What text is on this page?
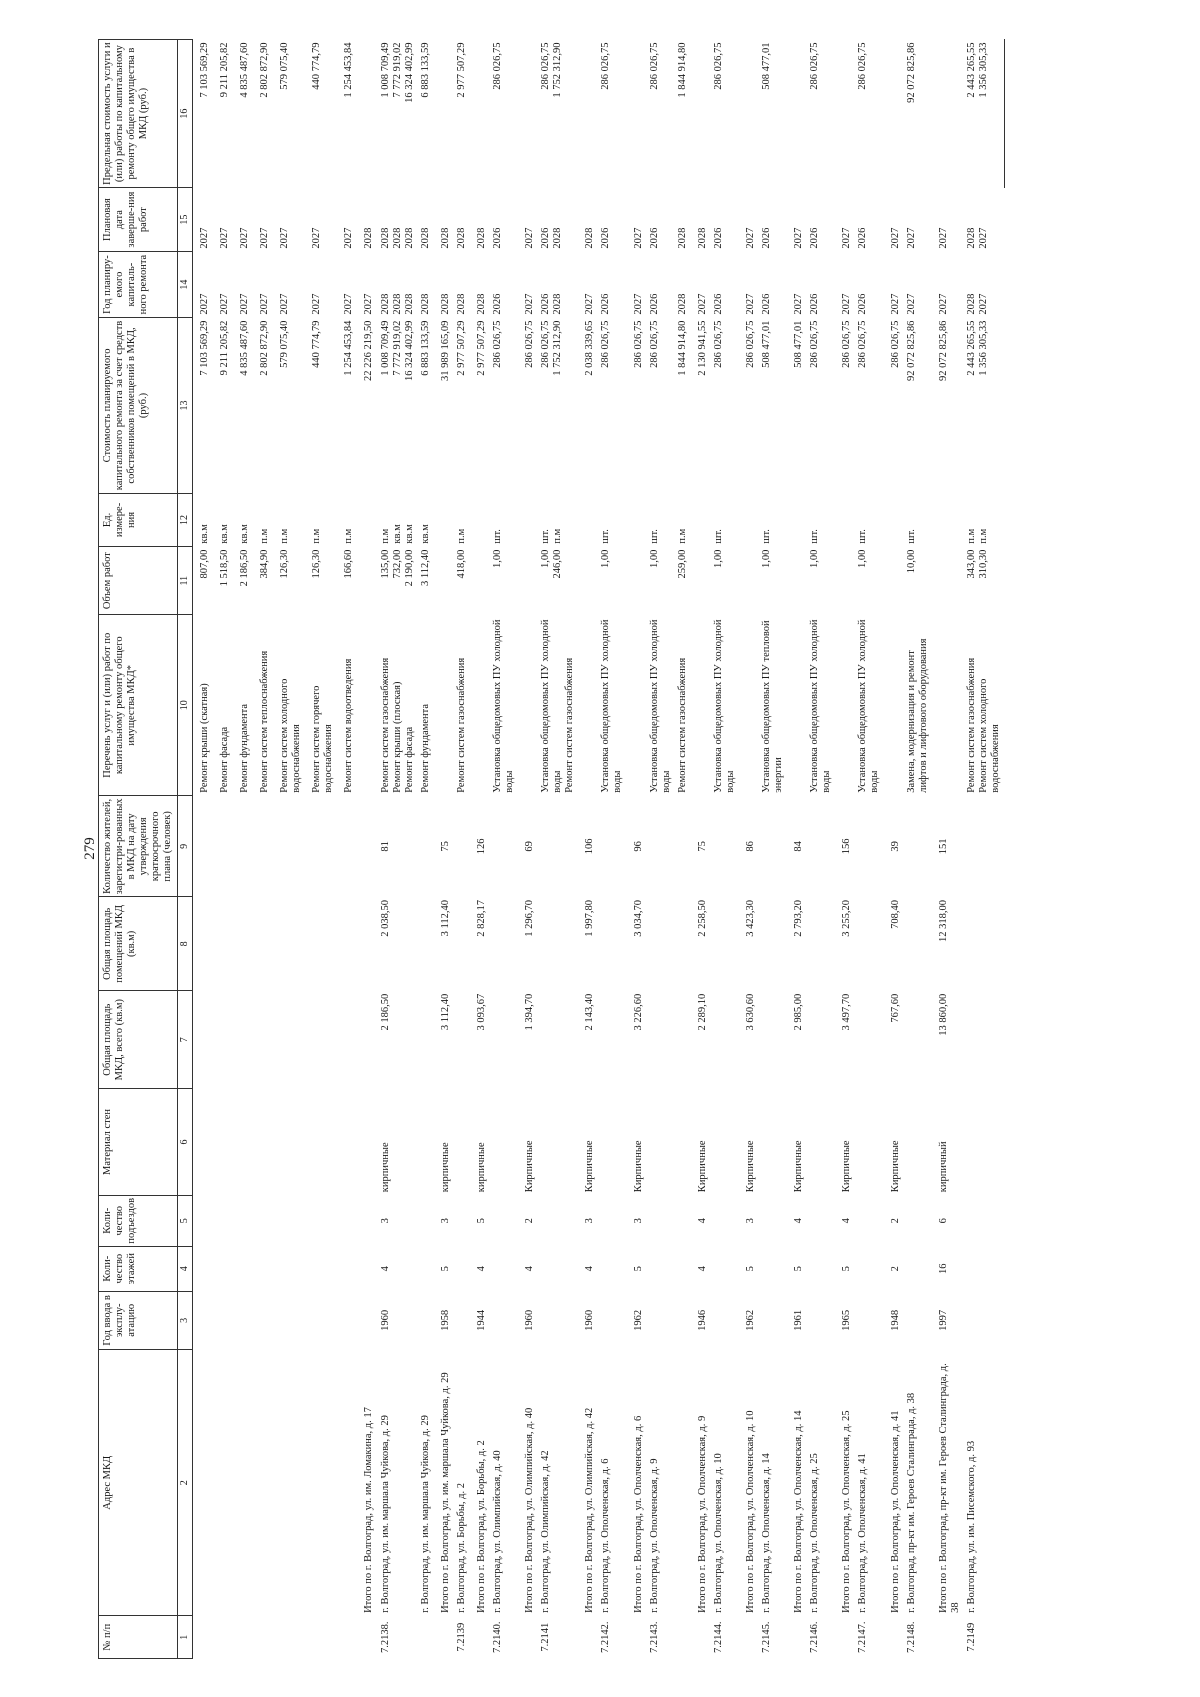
279
№ п/п	Адрес МКД	Год ввода в эксплу-атацию	Коли-чество этажей	Коли-чество подъездов	Материал стен	Общая площадь МКД, всего (кв.м)	Общая площадь помещений МКД (кв.м)	Количество жителей, зарегистри-рованных в МКД на дату утверждения краткосрочного плана (человек)	Перечень услуг и (или) работ по капитальному ремонту общего имущества МКД*	Объем работ	Ед. измере-ния	Стоимость планируемого капитального ремонта за счет средств собственников помещений в МКД, (руб.)	Год планиру-емого капиталь-ного ремонта	Плановая дата заверше-ния работ	Предельная стоимость услуги и (или) работы по капитальному ремонту общего имущества в МКД (руб.)
1	2	3	4	5	6	7	8	9	10	11	12	13	14	15	16

									Ремонт крыши (скатная)	807,00	кв.м	7 103 569,29	2027	2027	7 103 569,29

									Ремонт фасада	1 518,50	кв.м	9 211 205,82	2027	2027	9 211 205,82

									Ремонт фундамента	2 186,50	кв.м	4 835 487,60	2027	2027	4 835 487,60

									Ремонт систем теплоснабжения	384,90	п.м	2 802 872,90	2027	2027	2 802 872,90

									Ремонт систем холодного водоснабжения	126,30	п.м	579 075,40	2027	2027	579 075,40

									Ремонт систем горячего водоснабжения	126,30	п.м	440 774,79	2027	2027	440 774,79

									Ремонт систем водоотведения	166,60	п.м	1 254 453,84	2027	2027	1 254 453,84

	Итого по г. Волгоград, ул. им. Ломакина, д. 17											22 226 219,50	2027	2028	

7.2138.	г. Волгоград, ул. им. маршала Чуйкова, д. 29	1960	4	3	кирпичные	2 186,50	2 038,50	81	Ремонт систем газоснабжения Ремонт крыши (плоская) Ремонт фасада	135,00 732,00 2 190,00	п.м кв.м кв.м	1 008 709,49 7 772 919,02 16 324 402,99	2028 2028 2028	2028 2028 2028	1 008 709,49 7 772 919,02 16 324 402,99

	г. Волгоград, ул. им. маршала Чуйкова, д. 29								Ремонт фундамента	3 112,40	кв.м	6 883 133,59	2028	2028	6 883 133,59

	Итого по г. Волгоград, ул. им. маршала Чуйкова, д. 29	1958	5	3	кирпичные	3 112,40	3 112,40	75				31 989 165,09	2028	2028	

7.2139	г. Волгоград, ул. Борьбы, д. 2								Ремонт систем газоснабжения	418,00	п.м	2 977 507,29	2028	2028	2 977 507,29

	Итого по г. Волгоград, ул. Борьбы, д. 2	1944	4	5	кирпичные	3 093,67	2 828,17	126				2 977 507,29	2028	2028	

7.2140.	г. Волгоград, ул. Олимпийская, д. 40								Установка общедомовых ПУ холодной воды	1,00	шт.	286 026,75	2026	2026	286 026,75

	Итого по г. Волгоград, ул. Олимпийская, д. 40	1960	4	2	Кирпичные	1 394,70	1 296,70	69				286 026,75	2027	2027	

7.2141	г. Волгоград, ул. Олимпийская, д. 42								Установка общедомовых ПУ холодной воды Ремонт систем газоснабжения	1,00 246,00	шт. п.м	286 026,75 1 752 312,90	2026 2028	2026 2028	286 026,75 1 752 312,90

	Итого по г. Волгоград, ул. Олимпийская, д. 42	1960	4	3	Кирпичные	2 143,40	1 997,80	106				2 038 339,65	2027	2028	

7.2142.	г. Волгоград, ул. Ополченская, д. 6								Установка общедомовых ПУ холодной воды	1,00	шт.	286 026,75	2026	2026	286 026,75

	Итого по г. Волгоград, ул. Ополченская, д. 6	1962	5	3	Кирпичные	3 226,60	3 034,70	96				286 026,75	2027	2027	

7.2143.	г. Волгоград, ул. Ополченская, д. 9								Установка общедомовых ПУ холодной воды	1,00	шт.	286 026,75	2026	2026	286 026,75

									Ремонт систем газоснабжения	259,00	п.м	1 844 914,80	2028	2028	1 844 914,80

	Итого по г. Волгоград, ул. Ополченская, д. 9	1946	4	4	Кирпичные	2 289,10	2 258,50	75				2 130 941,55	2027	2028	

7.2144.	г. Волгоград, ул. Ополченская, д. 10								Установка общедомовых ПУ холодной воды	1,00	шт.	286 026,75	2026	2026	286 026,75

	Итого по г. Волгоград, ул. Ополченская, д. 10	1962	5	3	Кирпичные	3 630,60	3 423,30	86				286 026,75	2027	2027	

7.2145.	г. Волгоград, ул. Ополченская, д. 14								Установка общедомовых ПУ тепловой энергии	1,00	шт.	508 477,01	2026	2026	508 477,01

	Итого по г. Волгоград, ул. Ополченская, д. 14	1961	5	4	Кирпичные	2 985,00	2 793,20	84				508 477,01	2027	2027	

7.2146.	г. Волгоград, ул. Ополченская, д. 25								Установка общедомовых ПУ холодной воды	1,00	шт.	286 026,75	2026	2026	286 026,75

	Итого по г. Волгоград, ул. Ополченская, д. 25	1965	5	4	Кирпичные	3 497,70	3 255,20	156				286 026,75	2027	2027	

7.2147.	г. Волгоград, ул. Ополченская, д. 41								Установка общедомовых ПУ холодной воды	1,00	шт.	286 026,75	2026	2026	286 026,75

	Итого по г. Волгоград, ул. Ополченская, д. 41	1948	2	2	Кирпичные	767,60	708,40	39				286 026,75	2027	2027	

7.2148.	г. Волгоград, пр-кт им. Героев Сталинграда, д. 38								Замена, модернизация и ремонт лифтов и лифтового оборудования	10,00	шт.	92 072 825,86	2027	2027	92 072 825,86

	Итого по г. Волгоград, пр-кт им. Героев Сталинграда, д. 38	1997	16	6	кирпичный	13 860,00	12 318,00	151				92 072 825,86	2027	2027	

7.2149	г. Волгоград, ул. им. Писемского, д. 93								Ремонт систем газоснабжения Ремонт систем холодного водоснабжения	343,00 310,30	п.м п.м	2 443 265,55 1 356 305,33	2028 2027	2028 2027	2 443 265,55 1 356 305,33
